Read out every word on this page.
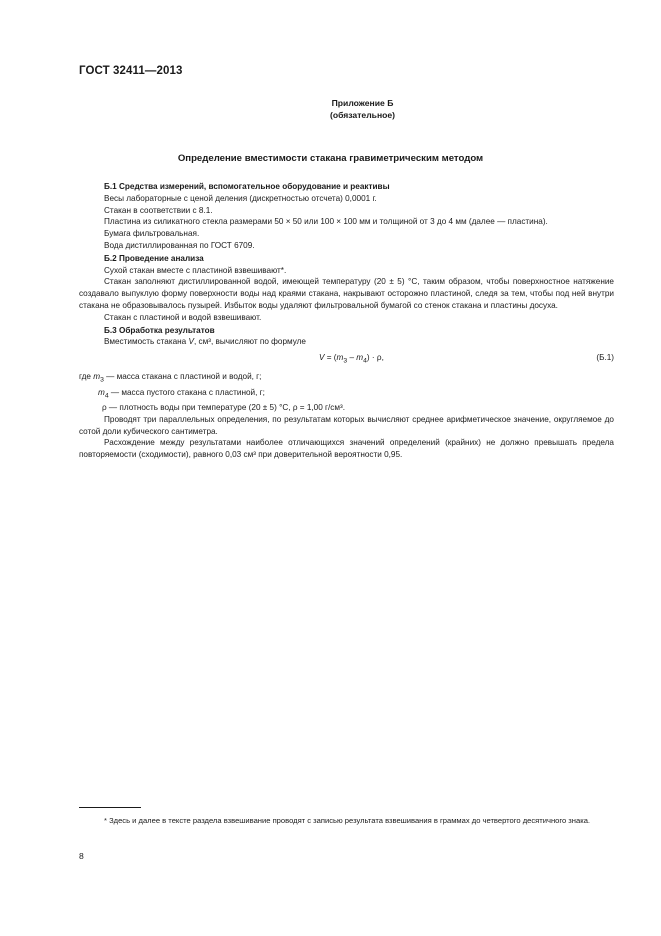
ГОСТ 32411—2013
Приложение Б
(обязательное)
Определение вместимости стакана гравиметрическим методом

Б.1 Средства измерений, вспомогательное оборудование и реактивы

Весы лабораторные с ценой деления (дискретностью отсчета) 0,0001 г.

Стакан в соответствии с 8.1.

Пластина из силикатного стекла размерами 50 × 50 или 100 × 100 мм и толщиной от 3 до 4 мм (далее — пластина).

Бумага фильтровальная.

Вода дистиллированная по ГОСТ 6709.

Б.2 Проведение анализа

Сухой стакан вместе с пластиной взвешивают*.

Стакан заполняют дистиллированной водой, имеющей температуру (20 ± 5) °С, таким образом, чтобы поверхностное натяжение создавало выпуклую форму поверхности воды над краями стакана, накрывают осторожно пластиной, следя за тем, чтобы под ней внутри стакана не образовывалось пузырей. Избыток воды удаляют фильтровальной бумагой со стенок стакана и пластины досуха.

Стакан с пластиной и водой взвешивают.

Б.3 Обработка результатов

Вместимость стакана V, см³, вычисляют по формуле

$V = (m_3 - m_4) \cdot \rho$,	(Б.1)

где $m_3$ — масса стакана с пластиной и водой, г;

$m_4$ — масса пустого стакана с пластиной, г;

ρ — плотность воды при температуре (20 ± 5) °С, ρ = 1,00 г/см³.

Проводят три параллельных определения, по результатам которых вычисляют среднее арифметическое значение, округляемое до сотой доли кубического сантиметра.

Расхождение между результатами наиболее отличающихся значений определений (крайних) не должно превышать предела повторяемости (сходимости), равного 0,03 см³ при доверительной вероятности 0,95.

* Здесь и далее в тексте раздела взвешивание проводят с записью результата взвешивания в граммах до четвертого десятичного знака.

8
